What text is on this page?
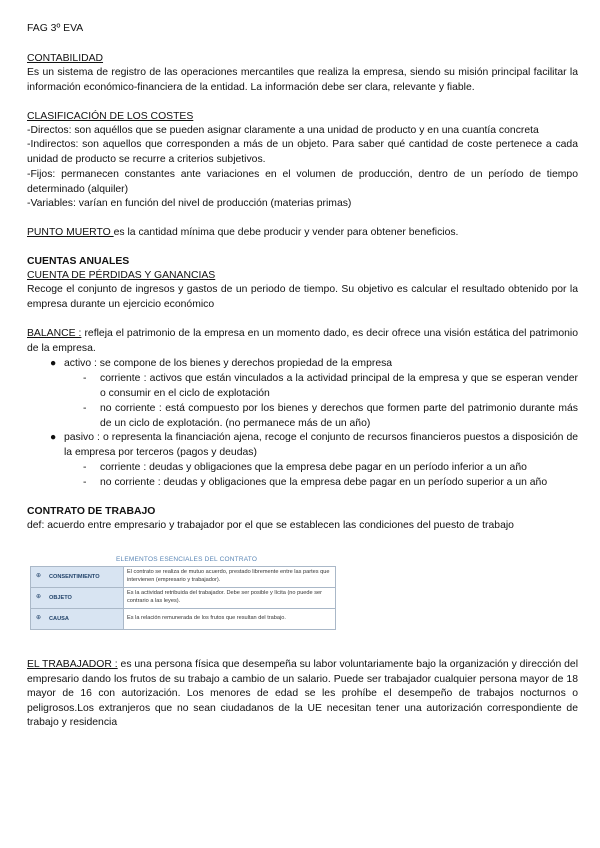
FAG 3º EVA

CONTABILIDAD

Es un sistema de registro de las operaciones mercantiles que realiza la empresa, siendo su misión principal facilitar la información económico-financiera de la entidad. La información debe ser clara, relevante y fiable.

CLASIFICACIÓN DE LOS COSTES

-Directos: son aquéllos que se pueden asignar claramente a una unidad de producto y en una cuantía concreta

-Indirectos: son aquellos que corresponden a más de un objeto. Para saber qué cantidad de coste pertenece a cada unidad de producto se recurre a criterios subjetivos.

-Fijos: permanecen constantes ante variaciones en el volumen de producción, dentro de un período de tiempo determinado (alquiler)

-Variables: varían en función del nivel de producción (materias primas)

PUNTO MUERTO es la cantidad mínima que debe producir y vender para obtener beneficios.

CUENTAS ANUALES

CUENTA DE PÉRDIDAS Y GANANCIAS

Recoge el conjunto de ingresos y gastos de un periodo de tiempo. Su objetivo es calcular el resultado obtenido por la empresa durante un ejercicio económico

BALANCE : refleja el patrimonio de la empresa en un momento dado, es decir ofrece una visión estática del patrimonio de la empresa.

● activo : se compone de los bienes y derechos propiedad de la empresa

-	corriente : activos que están vinculados a la actividad principal de la empresa y que se esperan vender o consumir en el ciclo de explotación

-	no corriente : está compuesto por los bienes y derechos que formen parte del patrimonio durante más de un ciclo de explotación. (no permanece más de un año)

● pasivo : o representa la financiación ajena, recoge el conjunto de recursos financieros puestos a disposición de la empresa por terceros (pagos y deudas)

-	corriente : deudas y obligaciones que la empresa debe pagar en un período inferior a un año

-	no corriente : deudas y obligaciones que la empresa debe pagar en un período superior a un año

CONTRATO DE TRABAJO

def: acuerdo entre empresario y trabajador por el que se establecen las condiciones del puesto de trabajo

ELEMENTOS ESENCIALES DEL CONTRATO
⊕ CONSENTIMIENTO
El contrato se realiza de mutuo acuerdo, prestado libremente entre las partes que intervienen (empresario y trabajador).
⊕ OBJETO
Es la actividad retribuida del trabajador. Debe ser posible y lícita (no puede ser contrario a las leyes).
⊕ CAUSA	Es la relación remunerada de los frutos que resultan del trabajo.

EL TRABAJADOR : es una persona física que desempeña su labor voluntariamente bajo la organización y dirección del empresario dando los frutos de su trabajo a cambio de un salario. Puede ser trabajador cualquier persona mayor de 18 mayor de 16 con autorización. Los menores de edad se les prohíbe el desempeño de trabajos nocturnos o peligrosos.Los extranjeros que no sean ciudadanos de la UE necesitan tener una autorización correspondiente de trabajo y residencia
